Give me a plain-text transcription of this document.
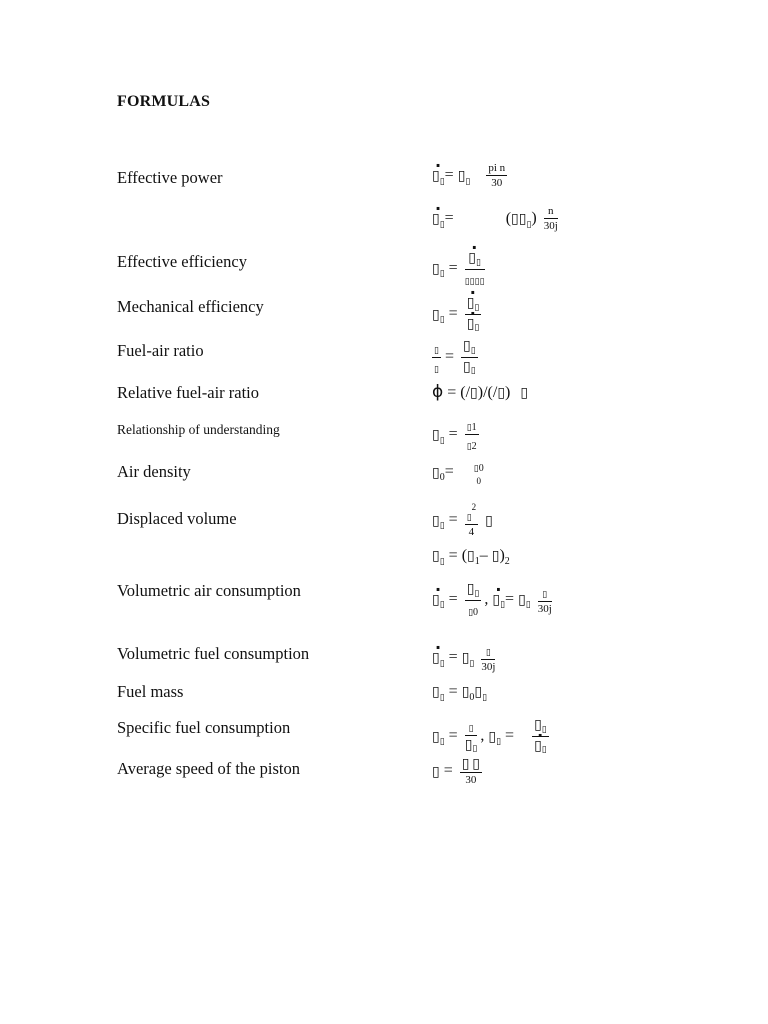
FORMULAS
Effective power
Effective efficiency
Mechanical efficiency
Fuel-air ratio
Relative fuel-air ratio
Relationship of understanding
Air density
Displaced volume
Volumetric air consumption
Volumetric fuel consumption
Fuel mass
Specific fuel consumption
Average speed of the piston
· ▯▯= ▯▯ $\frac{\text{pi n}}{30}$
· ▯▯=	(▯▯▯) $\frac{n}{30j}$
▯▯ = · $\frac{▯▯}{▯▯▯▯}$
▯▯ = · ▯▯
· ▯▯
$\frac{▯}{▯} = \frac{▯▯}{▯▯}$
ϕ = (/▯)/(/▯) ▯
▯▯ = $\frac{▯1}{▯2}$
$▯_0=$ ▯0
0
▯▯ = $\frac{▯^2}{4}$ ▯
▯▯ = ($▯_1-$ $▯)_2$
· ▯▯ = $\frac{▯▯}{▯0}$ , · ▯▯= ▯▯ $\frac{▯}{30j}$
· ▯▯ = ▯▯ $\frac{▯}{30j}$
▯▯ = $▯_0▯▯$
▯▯ = $\frac{▯}{▯▯}$ , ▯▯ = ▯▯
· ▯▯
▯ = $\frac{▯ ▯}{30}$
